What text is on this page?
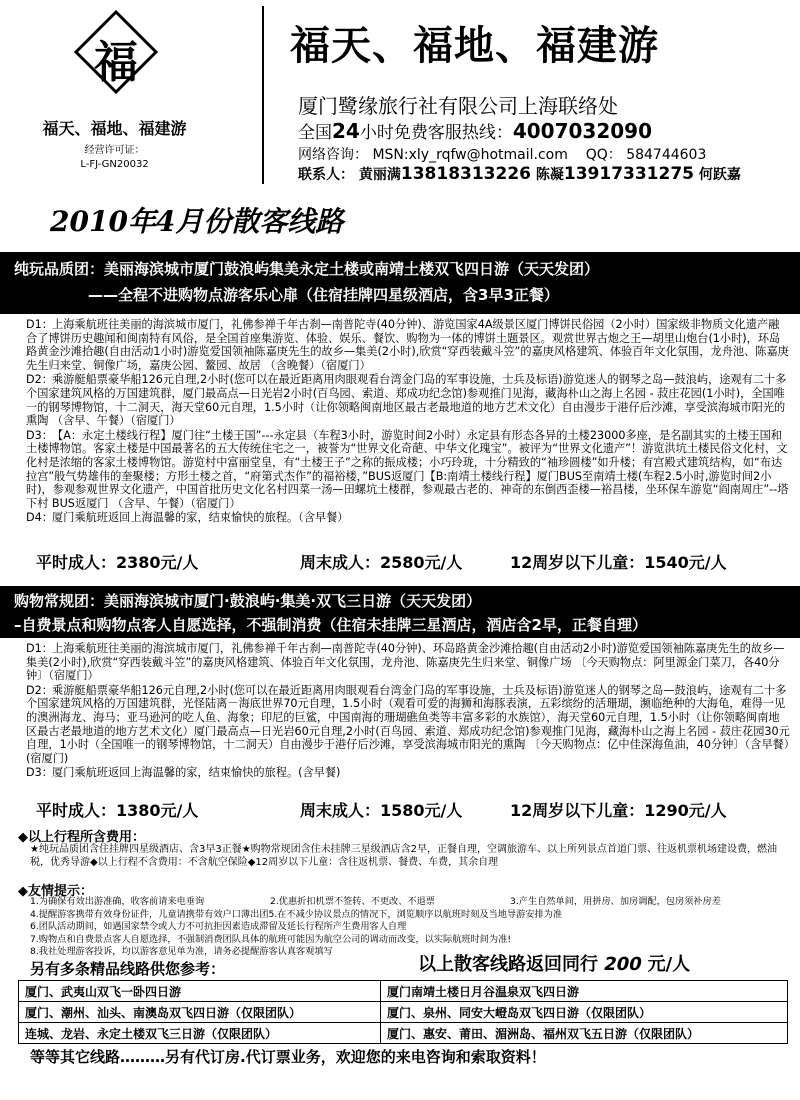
福
福天、福地、福建游
经营许可证：
L-FJ-GN20032
福天、福地、福建游
厦门鹭缘旅行社有限公司上海联络处
全国24小时免费客服热线：4007032090
网络咨询： MSN:xly_rqfw@hotmail.com QQ： 584744603
联系人： 黄丽满13818313226 陈凝13917331275 何跃嘉
2010年4月份散客线路
纯玩品质团：美丽海滨城市厦门鼓浪屿集美永定土楼或南靖土楼双飞四日游（天天发团）
——全程不进购物点游客乐心扉（住宿挂牌四星级酒店，含3早3正餐）

D1：上海乘航班往美丽的海滨城市厦门，礼佛参禅千年古刹—南普陀寺(40分钟)、游览国家4A级景区厦门博饼民俗园（2小时）国家级非物质文化遗产融合了博饼历史趣闻和闽南特有风俗，是全国首座集游览、体验、娱乐、餐饮、购物为一体的博饼土题景区。观赏世界古炮之王—胡里山炮台(1小时)，环岛路黄金沙滩拾趣(自由活动1小时)游览爱国领袖陈嘉庚先生的故乡—集美(2小时),欣赏“穿西装戴斗笠”的嘉庚风格建筑、体验百年文化氛围，龙舟池、陈嘉庚先生归来堂、铜像广场，嘉庚公园、鳌园、故居 （含晚餐）（宿厦门）

D2：乘游艇船票豪华船126元自理,2小时(您可以在最近距离用肉眼观看台湾金门岛的军事设施，士兵及标语)游览迷人的钢琴之岛—鼓浪屿，途观有二十多个国家建筑风格的万国建筑群，厦门最高点—日光岩2小时(百鸟园、索道、郑成功纪念馆)参观推门见海，藏海朴山之海上名园 - 菽庄花园(1小时)，全国唯一的钢琴博物馆，十二洞天，海天堂60元自理，1.5小时（让你领略闽南地区最古老最地道的地方艺术文化）自由漫步于港仔后沙滩，享受滨海城市阳光的熏陶 （含早、午餐）（宿厦门）

D3：【A：永定土楼线行程】厦门往“土楼王国”---永定县（车程3小时，游览时间2小时）永定县有形态各异的土楼23000多座，是名副其实的土楼王国和土楼博物馆。客家土楼是中国最著名的五大传统住宅之一，被誉为“世界文化奇葩、中华文化瑰宝”。被评为“世界文化遗产”！游览洪坑土楼民俗文化村，文化村是浓缩的客家土楼博物馆。游览村中富丽堂皇，有“土楼王子”之称的振成楼；小巧玲珑，十分精致的“袖珍圆楼”如升楼；有宫殿式建筑结构，如“布达拉宫”般气势雄伟的奎聚楼；方形土楼之首，“府第式杰作”的福裕楼，”BUS返厦门【B:南靖土楼线行程】厦门BUS至南靖土楼(车程2.5小时,游览时间2小时)，参观参观世界文化遗产，中国首批历史文化名村四菜一汤—田螺坑土楼群，参观最古老的、神奇的东倒西歪楼—裕昌楼，坐环保车游览“阎南周庄”--塔下村 BUS返厦门 （含早、午餐）（宿厦门）

D4：厦门乘航班返回上海温馨的家，结束愉快的旅程。（含早餐）

平时成人：2380元/人	周末成人：2580元/人	12周岁以下儿童：1540元/人
购物常规团：美丽海滨城市厦门·鼓浪屿·集美·双飞三日游（天天发团）
–自费景点和购物点客人自愿选择，不强制消费（住宿未挂牌三星酒店，酒店含2早，正餐自理）

D1：上海乘航班往美丽的海滨城市厦门，礼佛参禅千年古刹—南普陀寺(40分钟)、环岛路黄金沙滩拾趣(自由活动2小时)游览爱国领袖陈嘉庚先生的故乡—集美(2小时),欣赏“穿西装戴斗笠”的嘉庚风格建筑、体验百年文化氛围，龙舟池、陈嘉庚先生归来堂、铜像广场 〔今天购物点：阿里源金门菜刀，各40分钟〕（宿厦门）

D2：乘游艇船票豪华船126元自理,2小时(您可以在最近距离用肉眼观看台湾金门岛的军事设施，士兵及标语)游览迷人的钢琴之岛—鼓浪屿，途观有二十多个国家建筑风格的万国建筑群，光怪陆离－海底世界70元自理，1.5小时（观看可爱的海狮和海豚表演，五彩缤纷的活珊瑚，濒临绝种的大海龟，难得一见的澳洲海龙、海马；亚马逊河的吃人鱼、海象；印尼的巨鲨，中国南海的珊瑚礁鱼类等丰富多彩的水族馆），海天堂60元自理，1.5小时（让你领略闽南地区最古老最地道的地方艺术文化）厦门最高点—日光岩60元自理,2小时(百鸟园、索道、郑成功纪念馆)参观推门见海，藏海朴山之海上名园 - 菽庄花园30元自理，1小时（全国唯一的钢琴博物馆，十二洞天）自由漫步于港仔后沙滩，享受滨海城市阳光的熏陶 〔今天购物点：亿中佳深海鱼油，40分钟〕（含早餐）(宿厦门)

D3：厦门乘航班返回上海温馨的家，结束愉快的旅程。(含早餐)

平时成人：1380元/人	周末成人：1580元/人	12周岁以下儿童：1290元/人
◆以上行程所含费用：
★纯玩品质团含住挂牌四星级酒店、含3早3正餐★购物常规团含住未挂牌三星级酒店含2早，正餐自理，空调旅游车、以上所列景点首道门票、往返机票机场建设费，燃油税，优秀导游◆以上行程不含费用：不含航空保险◆12周岁以下儿童：含往返机票、餐费、车费，其余自理
◆友情提示：
1.为确保有效出游准确，收客前请来电垂询	2.优惠折扣机票不签转、不更改、不退票	3.产生自然单间，用拼房、加房调配，包房须补房差
4.提醒游客携带有效身份证件，儿童请携带有效户口薄出团5.在不减少协议景点的情况下，浏览顺序以航班时刻及当地导游安排为准
6.团队活动期间，如遇国家禁令或人力不可抗拒因素造成滞留及延长行程所产生费用客人自理
7.购物点和自费景点客人自愿选择，不强制消费团队具体的航班可能因为航空公司的调动而改变，以实际航班时间为准!
8.我社处理游客投诉，均以游客意见单为准，请务必提醒游客认真客观填写
另有多条精品线路供您参考：	以上散客线路返回同行 200 元/人
厦门、武夷山双飞一卧四日游	厦门南靖土楼日月谷温泉双飞四日游
厦门、潮州、汕头、南澳岛双飞四日游（仅限团队）	厦门、泉州、同安大嶝岛双飞四日游（仅限团队）
连城、龙岩、永定土楼双飞三日游（仅限团队）	厦门、惠安、莆田、湄洲岛、福州双飞五日游（仅限团队）
等等其它线路………另有代订房.代订票业务，欢迎您的来电咨询和索取资料！
